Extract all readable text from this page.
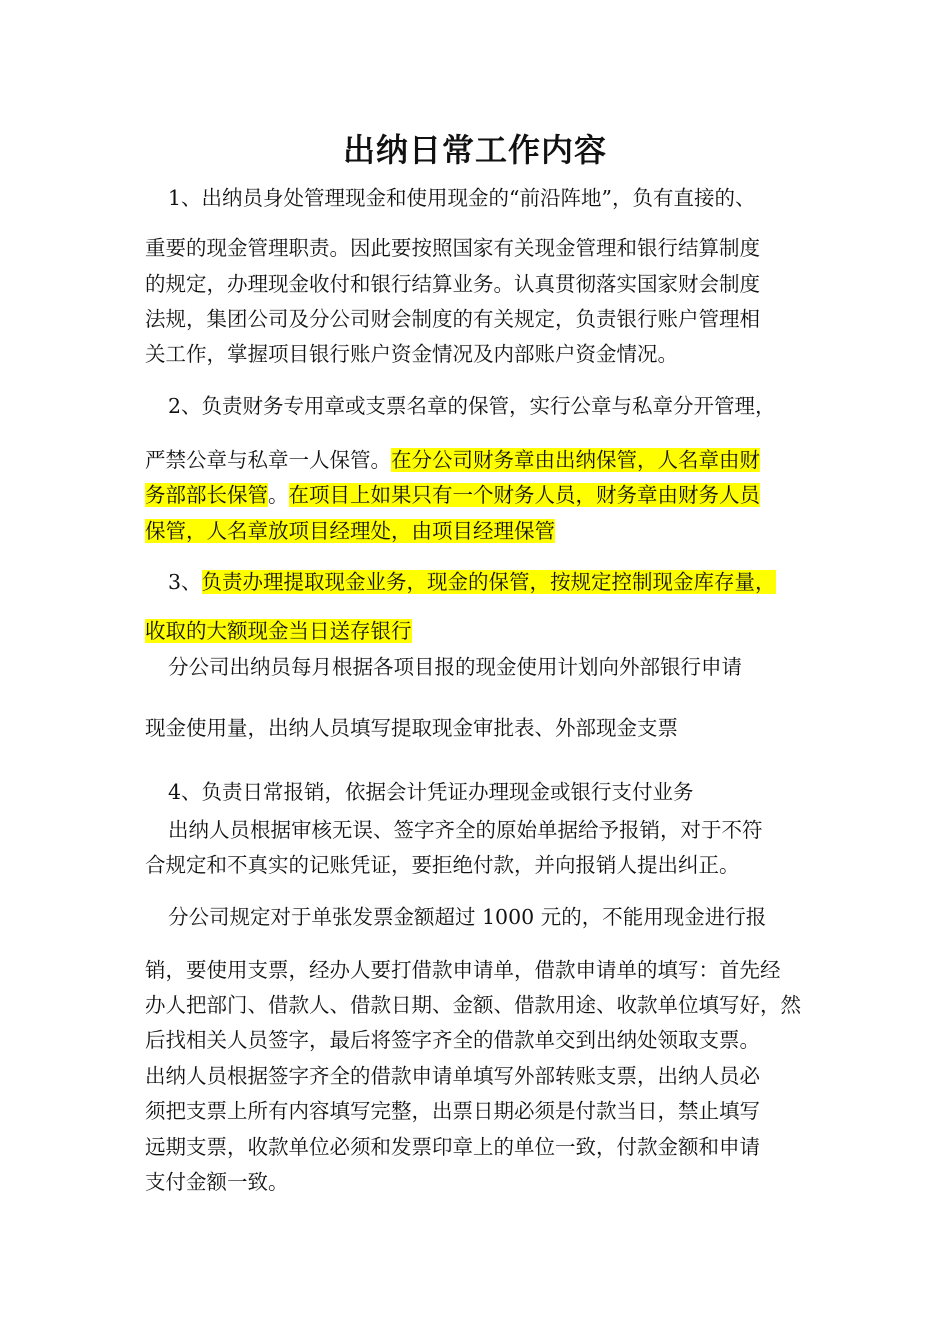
出纳日常工作内容
1、出纳员身处管理现金和使用现金的“前沿阵地”，负有直接的、
重要的现金管理职责。因此要按照国家有关现金管理和银行结算制度
的规定，办理现金收付和银行结算业务。认真贯彻落实国家财会制度
法规，集团公司及分公司财会制度的有关规定，负责银行账户管理相
关工作，掌握项目银行账户资金情况及内部账户资金情况。
2、负责财务专用章或支票名章的保管，实行公章与私章分开管理，
严禁公章与私章一人保管。在分公司财务章由出纳保管，人名章由财
务部部长保管。在项目上如果只有一个财务人员，财务章由财务人员
保管，人名章放项目经理处，由项目经理保管
3、负责办理提取现金业务，现金的保管，按规定控制现金库存量，
收取的大额现金当日送存银行
分公司出纳员每月根据各项目报的现金使用计划向外部银行申请
现金使用量，出纳人员填写提取现金审批表、外部现金支票
4、负责日常报销，依据会计凭证办理现金或银行支付业务
出纳人员根据审核无误、签字齐全的原始单据给予报销，对于不符
合规定和不真实的记账凭证，要拒绝付款，并向报销人提出纠正。
分公司规定对于单张发票金额超过 1000 元的，不能用现金进行报
销，要使用支票，经办人要打借款申请单，借款申请单的填写：首先经
办人把部门、借款人、借款日期、金额、借款用途、收款单位填写好，然
后找相关人员签字，最后将签字齐全的借款单交到出纳处领取支票。
出纳人员根据签字齐全的借款申请单填写外部转账支票，出纳人员必
须把支票上所有内容填写完整，出票日期必须是付款当日，禁止填写
远期支票，收款单位必须和发票印章上的单位一致，付款金额和申请
支付金额一致。
